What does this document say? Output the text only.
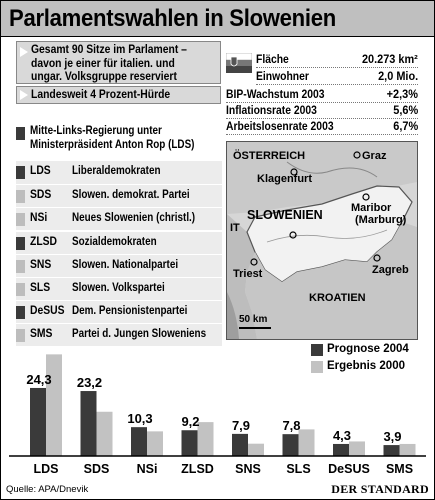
Parlamentswahlen in Slowenien
Gesamt 90 Sitze im Parlament –
davon je einer für italien. und
ungar. Volksgruppe reserviert
Landesweit 4 Prozent-Hürde
Mitte-Links-Regierung unter
Ministerpräsident Anton Rop (LDS)
LDS Liberaldemokraten
SDS Slowen. demokrat. Partei
NSi Neues Slowenien (christl.)
ZLSD Sozialdemokraten
SNS Slowen. Nationalpartei
SLS Slowen. Volkspartei
DeSUS Dem. Pensionistenpartei
SMS Partei d. Jungen Sloweniens
Fläche	20.273 km²
Einwohner	2,0 Mio.
BIP-Wachstum 2003	+2,3%
Inflationsrate 2003	5,6%
Arbeitslosenrate 2003	6,7%
ÖSTERREICH	Graz
Klagenfurt
Maribor
(Marburg)
SLOWENIEN
IT
Triest	Zagreb
KROATIEN
50 km
Prognose 2004
Ergebnis 2000
24,3
LDS
23,2
SDS
10,3
NSi
9,2
ZLSD
7,9
SNS
7,8
SLS
4,3
DeSUS
3,9
SMS
Quelle: APA/Dnevik	DER STANDARD
